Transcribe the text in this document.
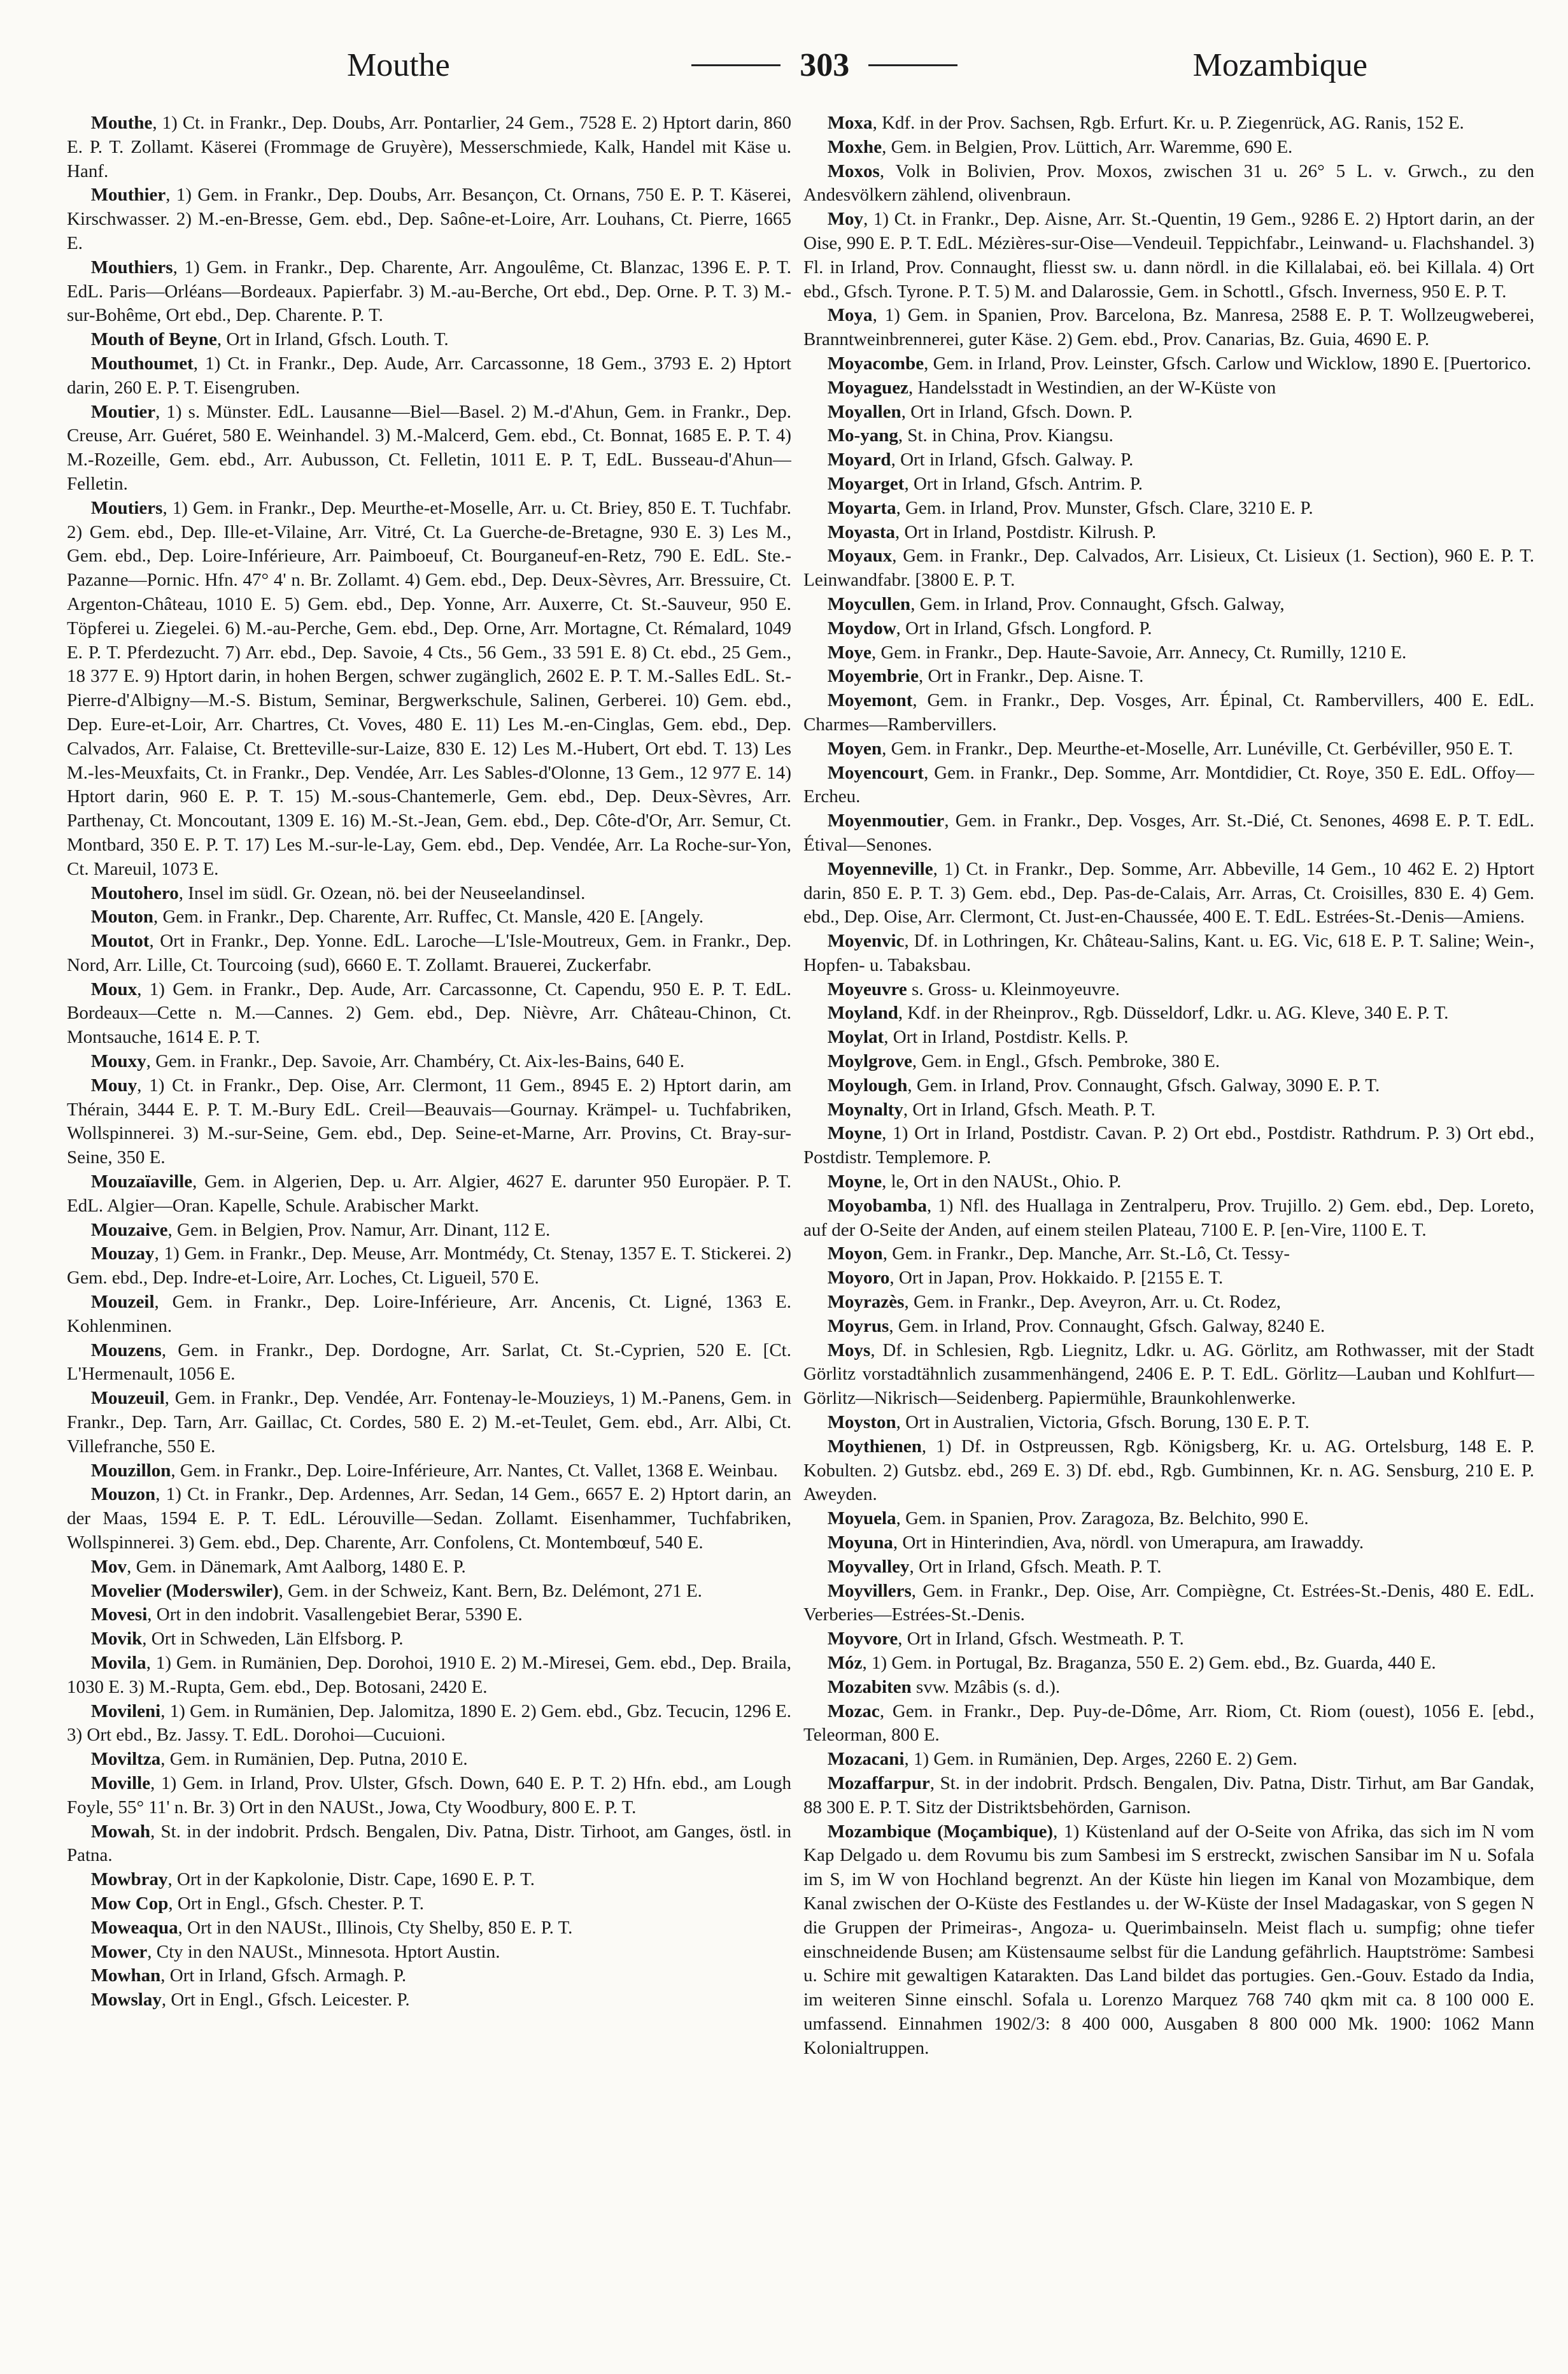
Mouthe	303	Mozambique

Mouthe, 1) Ct. in Frankr., Dep. Doubs, Arr. Pontarlier, 24 Gem., 7528 E. 2) Hptort darin, 860 E. P. T. Zollamt. Käserei (Frommage de Gruyère), Messerschmiede, Kalk, Handel mit Käse u. Hanf.

Mouthier, 1) Gem. in Frankr., Dep. Doubs, Arr. Besançon, Ct. Ornans, 750 E. P. T. Käserei, Kirschwasser. 2) M.-en-Bresse, Gem. ebd., Dep. Saône-et-Loire, Arr. Louhans, Ct. Pierre, 1665 E.

Mouthiers, 1) Gem. in Frankr., Dep. Charente, Arr. Angoulême, Ct. Blanzac, 1396 E. P. T. EdL. Paris—Orléans—Bordeaux. Papierfabr. 3) M.-au-Berche, Ort ebd., Dep. Orne. P. T. 3) M.-sur-Bohême, Ort ebd., Dep. Charente. P. T.

Mouth of Beyne, Ort in Irland, Gfsch. Louth. T.

Mouthoumet, 1) Ct. in Frankr., Dep. Aude, Arr. Carcassonne, 18 Gem., 3793 E. 2) Hptort darin, 260 E. P. T. Eisengruben.

Moutier, 1) s. Münster. EdL. Lausanne—Biel—Basel. 2) M.-d'Ahun, Gem. in Frankr., Dep. Creuse, Arr. Guéret, 580 E. Weinhandel. 3) M.-Malcerd, Gem. ebd., Ct. Bonnat, 1685 E. P. T. 4) M.-Rozeille, Gem. ebd., Arr. Aubusson, Ct. Felletin, 1011 E. P. T, EdL. Busseau-d'Ahun—Felletin.

Moutiers, 1) Gem. in Frankr., Dep. Meurthe-et-Moselle, Arr. u. Ct. Briey, 850 E. T. Tuchfabr. 2) Gem. ebd., Dep. Ille-et-Vilaine, Arr. Vitré, Ct. La Guerche-de-Bretagne, 930 E. 3) Les M., Gem. ebd., Dep. Loire-Inférieure, Arr. Paimboeuf, Ct. Bourganeuf-en-Retz, 790 E. EdL. Ste.-Pazanne—Pornic. Hfn. 47° 4' n. Br. Zollamt. 4) Gem. ebd., Dep. Deux-Sèvres, Arr. Bressuire, Ct. Argenton-Château, 1010 E. 5) Gem. ebd., Dep. Yonne, Arr. Auxerre, Ct. St.-Sauveur, 950 E. Töpferei u. Ziegelei. 6) M.-au-Perche, Gem. ebd., Dep. Orne, Arr. Mortagne, Ct. Rémalard, 1049 E. P. T. Pferdezucht. 7) Arr. ebd., Dep. Savoie, 4 Cts., 56 Gem., 33 591 E. 8) Ct. ebd., 25 Gem., 18 377 E. 9) Hptort darin, in hohen Bergen, schwer zugänglich, 2602 E. P. T. M.-Salles EdL. St.-Pierre-d'Albigny—M.-S. Bistum, Seminar, Bergwerkschule, Salinen, Gerberei. 10) Gem. ebd., Dep. Eure-et-Loir, Arr. Chartres, Ct. Voves, 480 E. 11) Les M.-en-Cinglas, Gem. ebd., Dep. Calvados, Arr. Falaise, Ct. Bretteville-sur-Laize, 830 E. 12) Les M.-Hubert, Ort ebd. T. 13) Les M.-les-Meuxfaits, Ct. in Frankr., Dep. Vendée, Arr. Les Sables-d'Olonne, 13 Gem., 12 977 E. 14) Hptort darin, 960 E. P. T. 15) M.-sous-Chantemerle, Gem. ebd., Dep. Deux-Sèvres, Arr. Parthenay, Ct. Moncoutant, 1309 E. 16) M.-St.-Jean, Gem. ebd., Dep. Côte-d'Or, Arr. Semur, Ct. Montbard, 350 E. P. T. 17) Les M.-sur-le-Lay, Gem. ebd., Dep. Vendée, Arr. La Roche-sur-Yon, Ct. Mareuil, 1073 E.

Moutohero, Insel im südl. Gr. Ozean, nö. bei der Neuseelandinsel.

Mouton, Gem. in Frankr., Dep. Charente, Arr. Ruffec, Ct. Mansle, 420 E. [Angely.

Moutot, Ort in Frankr., Dep. Yonne. EdL. Laroche—L'Isle-Moutreux, Gem. in Frankr., Dep. Nord, Arr. Lille, Ct. Tourcoing (sud), 6660 E. T. Zollamt. Brauerei, Zuckerfabr.

Moux, 1) Gem. in Frankr., Dep. Aude, Arr. Carcassonne, Ct. Capendu, 950 E. P. T. EdL. Bordeaux—Cette n. M.—Cannes. 2) Gem. ebd., Dep. Nièvre, Arr. Château-Chinon, Ct. Montsauche, 1614 E. P. T.

Mouxy, Gem. in Frankr., Dep. Savoie, Arr. Chambéry, Ct. Aix-les-Bains, 640 E.

Mouy, 1) Ct. in Frankr., Dep. Oise, Arr. Clermont, 11 Gem., 8945 E. 2) Hptort darin, am Thérain, 3444 E. P. T. M.-Bury EdL. Creil—Beauvais—Gournay. Krämpel- u. Tuchfabriken, Wollspinnerei. 3) M.-sur-Seine, Gem. ebd., Dep. Seine-et-Marne, Arr. Provins, Ct. Bray-sur-Seine, 350 E.

Mouzaïaville, Gem. in Algerien, Dep. u. Arr. Algier, 4627 E. darunter 950 Europäer. P. T. EdL. Algier—Oran. Kapelle, Schule. Arabischer Markt.

Mouzaive, Gem. in Belgien, Prov. Namur, Arr. Dinant, 112 E.

Mouzay, 1) Gem. in Frankr., Dep. Meuse, Arr. Montmédy, Ct. Stenay, 1357 E. T. Stickerei. 2) Gem. ebd., Dep. Indre-et-Loire, Arr. Loches, Ct. Ligueil, 570 E.

Mouzeil, Gem. in Frankr., Dep. Loire-Inférieure, Arr. Ancenis, Ct. Ligné, 1363 E. Kohlenminen.

Mouzens, Gem. in Frankr., Dep. Dordogne, Arr. Sarlat, Ct. St.-Cyprien, 520 E. [Ct. L'Hermenault, 1056 E.

Mouzeuil, Gem. in Frankr., Dep. Vendée, Arr. Fontenay-le-Mouzieys, 1) M.-Panens, Gem. in Frankr., Dep. Tarn, Arr. Gaillac, Ct. Cordes, 580 E. 2) M.-et-Teulet, Gem. ebd., Arr. Albi, Ct. Villefranche, 550 E.

Mouzillon, Gem. in Frankr., Dep. Loire-Inférieure, Arr. Nantes, Ct. Vallet, 1368 E. Weinbau.

Mouzon, 1) Ct. in Frankr., Dep. Ardennes, Arr. Sedan, 14 Gem., 6657 E. 2) Hptort darin, an der Maas, 1594 E. P. T. EdL. Lérouville—Sedan. Zollamt. Eisenhammer, Tuchfabriken, Wollspinnerei. 3) Gem. ebd., Dep. Charente, Arr. Confolens, Ct. Montembœuf, 540 E.

Mov, Gem. in Dänemark, Amt Aalborg, 1480 E. P.

Movelier (Moderswiler), Gem. in der Schweiz, Kant. Bern, Bz. Delémont, 271 E.

Movesi, Ort in den indobrit. Vasallengebiet Berar, 5390 E.

Movik, Ort in Schweden, Län Elfsborg. P.

Movila, 1) Gem. in Rumänien, Dep. Dorohoi, 1910 E. 2) M.-Miresei, Gem. ebd., Dep. Braila, 1030 E. 3) M.-Rupta, Gem. ebd., Dep. Botosani, 2420 E.

Movileni, 1) Gem. in Rumänien, Dep. Jalomitza, 1890 E. 2) Gem. ebd., Gbz. Tecucin, 1296 E. 3) Ort ebd., Bz. Jassy. T. EdL. Dorohoi—Cucuioni.

Moviltza, Gem. in Rumänien, Dep. Putna, 2010 E.

Moville, 1) Gem. in Irland, Prov. Ulster, Gfsch. Down, 640 E. P. T. 2) Hfn. ebd., am Lough Foyle, 55° 11' n. Br. 3) Ort in den NAUSt., Jowa, Cty Woodbury, 800 E. P. T.

Mowah, St. in der indobrit. Prdsch. Bengalen, Div. Patna, Distr. Tirhoot, am Ganges, östl. in Patna.

Mowbray, Ort in der Kapkolonie, Distr. Cape, 1690 E. P. T.

Mow Cop, Ort in Engl., Gfsch. Chester. P. T.

Moweaqua, Ort in den NAUSt., Illinois, Cty Shelby, 850 E. P. T.

Mower, Cty in den NAUSt., Minnesota. Hptort Austin.

Mowhan, Ort in Irland, Gfsch. Armagh. P.

Mowslay, Ort in Engl., Gfsch. Leicester. P.

Moxa, Kdf. in der Prov. Sachsen, Rgb. Erfurt. Kr. u. P. Ziegenrück, AG. Ranis, 152 E.

Moxhe, Gem. in Belgien, Prov. Lüttich, Arr. Waremme, 690 E.

Moxos, Volk in Bolivien, Prov. Moxos, zwischen 31 u. 26° 5 L. v. Grwch., zu den Andesvölkern zählend, olivenbraun.

Moy, 1) Ct. in Frankr., Dep. Aisne, Arr. St.-Quentin, 19 Gem., 9286 E. 2) Hptort darin, an der Oise, 990 E. P. T. EdL. Mézières-sur-Oise—Vendeuil. Teppichfabr., Leinwand- u. Flachshandel. 3) Fl. in Irland, Prov. Connaught, fliesst sw. u. dann nördl. in die Killalabai, eö. bei Killala. 4) Ort ebd., Gfsch. Tyrone. P. T. 5) M. and Dalarossie, Gem. in Schottl., Gfsch. Inverness, 950 E. P. T.

Moya, 1) Gem. in Spanien, Prov. Barcelona, Bz. Manresa, 2588 E. P. T. Wollzeugweberei, Branntweinbrennerei, guter Käse. 2) Gem. ebd., Prov. Canarias, Bz. Guia, 4690 E. P.

Moyacombe, Gem. in Irland, Prov. Leinster, Gfsch. Carlow und Wicklow, 1890 E. [Puertorico.

Moyaguez, Handelsstadt in Westindien, an der W-Küste von

Moyallen, Ort in Irland, Gfsch. Down. P.

Mo-yang, St. in China, Prov. Kiangsu.

Moyard, Ort in Irland, Gfsch. Galway. P.

Moyarget, Ort in Irland, Gfsch. Antrim. P.

Moyarta, Gem. in Irland, Prov. Munster, Gfsch. Clare, 3210 E. P.

Moyasta, Ort in Irland, Postdistr. Kilrush. P.

Moyaux, Gem. in Frankr., Dep. Calvados, Arr. Lisieux, Ct. Lisieux (1. Section), 960 E. P. T. Leinwandfabr. [3800 E. P. T.

Moycullen, Gem. in Irland, Prov. Connaught, Gfsch. Galway,

Moydow, Ort in Irland, Gfsch. Longford. P.

Moye, Gem. in Frankr., Dep. Haute-Savoie, Arr. Annecy, Ct. Rumilly, 1210 E.

Moyembrie, Ort in Frankr., Dep. Aisne. T.

Moyemont, Gem. in Frankr., Dep. Vosges, Arr. Épinal, Ct. Rambervillers, 400 E. EdL. Charmes—Rambervillers.

Moyen, Gem. in Frankr., Dep. Meurthe-et-Moselle, Arr. Lunéville, Ct. Gerbéviller, 950 E. T.

Moyencourt, Gem. in Frankr., Dep. Somme, Arr. Montdidier, Ct. Roye, 350 E. EdL. Offoy—Ercheu.

Moyenmoutier, Gem. in Frankr., Dep. Vosges, Arr. St.-Dié, Ct. Senones, 4698 E. P. T. EdL. Étival—Senones.

Moyenneville, 1) Ct. in Frankr., Dep. Somme, Arr. Abbeville, 14 Gem., 10 462 E. 2) Hptort darin, 850 E. P. T. 3) Gem. ebd., Dep. Pas-de-Calais, Arr. Arras, Ct. Croisilles, 830 E. 4) Gem. ebd., Dep. Oise, Arr. Clermont, Ct. Just-en-Chaussée, 400 E. T. EdL. Estrées-St.-Denis—Amiens.

Moyenvic, Df. in Lothringen, Kr. Château-Salins, Kant. u. EG. Vic, 618 E. P. T. Saline; Wein-, Hopfen- u. Tabaksbau.

Moyeuvre s. Gross- u. Kleinmoyeuvre.

Moyland, Kdf. in der Rheinprov., Rgb. Düsseldorf, Ldkr. u. AG. Kleve, 340 E. P. T.

Moylat, Ort in Irland, Postdistr. Kells. P.

Moylgrove, Gem. in Engl., Gfsch. Pembroke, 380 E.

Moylough, Gem. in Irland, Prov. Connaught, Gfsch. Galway, 3090 E. P. T.

Moynalty, Ort in Irland, Gfsch. Meath. P. T.

Moyne, 1) Ort in Irland, Postdistr. Cavan. P. 2) Ort ebd., Postdistr. Rathdrum. P. 3) Ort ebd., Postdistr. Templemore. P.

Moyne, le, Ort in den NAUSt., Ohio. P.

Moyobamba, 1) Nfl. des Huallaga in Zentralperu, Prov. Trujillo. 2) Gem. ebd., Dep. Loreto, auf der O-Seite der Anden, auf einem steilen Plateau, 7100 E. P. [en-Vire, 1100 E. T.

Moyon, Gem. in Frankr., Dep. Manche, Arr. St.-Lô, Ct. Tessy-

Moyoro, Ort in Japan, Prov. Hokkaido. P. [2155 E. T.

Moyrazès, Gem. in Frankr., Dep. Aveyron, Arr. u. Ct. Rodez,

Moyrus, Gem. in Irland, Prov. Connaught, Gfsch. Galway, 8240 E.

Moys, Df. in Schlesien, Rgb. Liegnitz, Ldkr. u. AG. Görlitz, am Rothwasser, mit der Stadt Görlitz vorstadtähnlich zusammenhängend, 2406 E. P. T. EdL. Görlitz—Lauban und Kohlfurt—Görlitz—Nikrisch—Seidenberg. Papiermühle, Braunkohlenwerke.

Moyston, Ort in Australien, Victoria, Gfsch. Borung, 130 E. P. T.

Moythienen, 1) Df. in Ostpreussen, Rgb. Königsberg, Kr. u. AG. Ortelsburg, 148 E. P. Kobulten. 2) Gutsbz. ebd., 269 E. 3) Df. ebd., Rgb. Gumbinnen, Kr. n. AG. Sensburg, 210 E. P. Aweyden.

Moyuela, Gem. in Spanien, Prov. Zaragoza, Bz. Belchito, 990 E.

Moyuna, Ort in Hinterindien, Ava, nördl. von Umerapura, am Irawaddy.

Moyvalley, Ort in Irland, Gfsch. Meath. P. T.

Moyvillers, Gem. in Frankr., Dep. Oise, Arr. Compiègne, Ct. Estrées-St.-Denis, 480 E. EdL. Verberies—Estrées-St.-Denis.

Moyvore, Ort in Irland, Gfsch. Westmeath. P. T.

Móz, 1) Gem. in Portugal, Bz. Braganza, 550 E. 2) Gem. ebd., Bz. Guarda, 440 E.

Mozabiten svw. Mzâbis (s. d.).

Mozac, Gem. in Frankr., Dep. Puy-de-Dôme, Arr. Riom, Ct. Riom (ouest), 1056 E. [ebd., Teleorman, 800 E.

Mozacani, 1) Gem. in Rumänien, Dep. Arges, 2260 E. 2) Gem.

Mozaffarpur, St. in der indobrit. Prdsch. Bengalen, Div. Patna, Distr. Tirhut, am Bar Gandak, 88 300 E. P. T. Sitz der Distriktsbehörden, Garnison.

Mozambique (Moçambique), 1) Küstenland auf der O-Seite von Afrika, das sich im N vom Kap Delgado u. dem Rovumu bis zum Sambesi im S erstreckt, zwischen Sansibar im N u. Sofala im S, im W von Hochland begrenzt. An der Küste hin liegen im Kanal von Mozambique, dem Kanal zwischen der O-Küste des Festlandes u. der W-Küste der Insel Madagaskar, von S gegen N die Gruppen der Primeiras-, Angoza- u. Querimbainseln. Meist flach u. sumpfig; ohne tiefer einschneidende Busen; am Küstensaume selbst für die Landung gefährlich. Hauptströme: Sambesi u. Schire mit gewaltigen Katarakten. Das Land bildet das portugies. Gen.-Gouv. Estado da India, im weiteren Sinne einschl. Sofala u. Lorenzo Marquez 768 740 qkm mit ca. 8 100 000 E. umfassend. Einnahmen 1902/3: 8 400 000, Ausgaben 8 800 000 Mk. 1900: 1062 Mann Kolonialtruppen.
